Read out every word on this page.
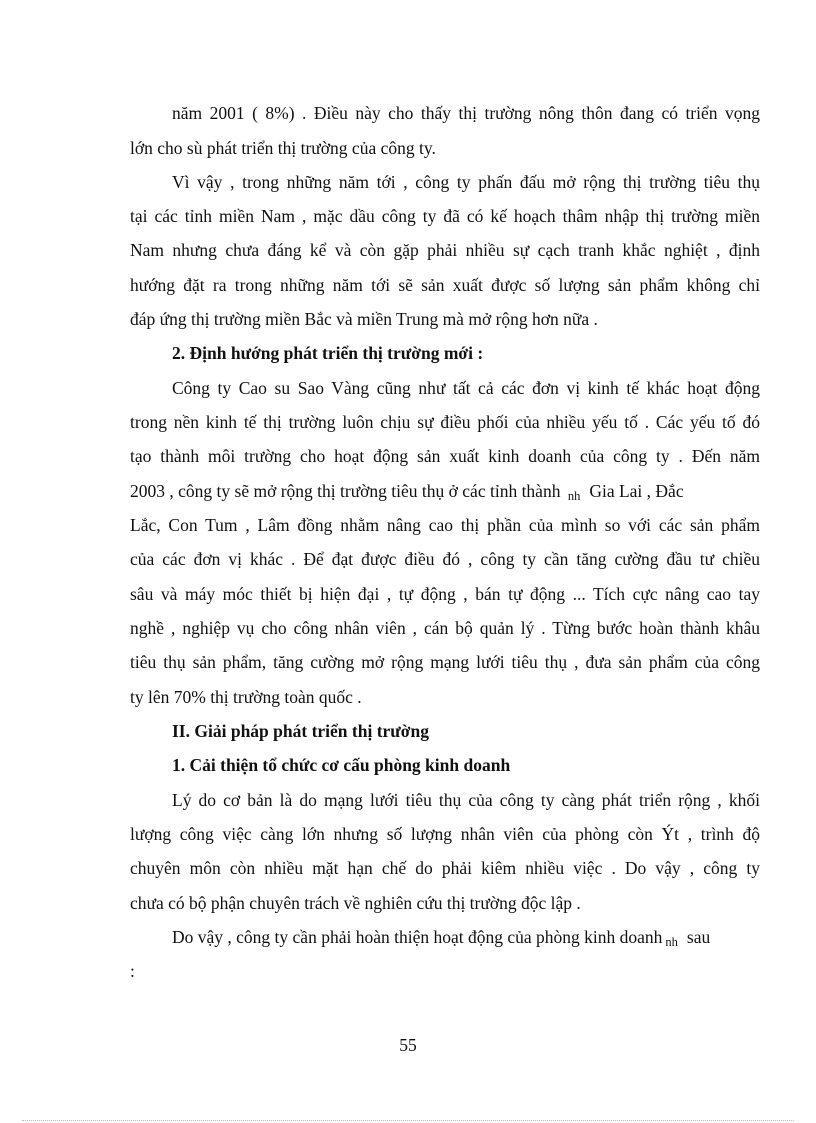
năm 2001 ( 8%) . Điều này cho thấy thị trường nông thôn đang có triển vọng
lớn cho sù phát triển thị trường của công ty.
Vì vậy , trong những năm tới , công ty phấn đấu mở rộng thị trường tiêu thụ
tại các tỉnh miền Nam , mặc dầu công ty đã có kế hoạch thâm nhập thị trường miền
Nam nhưng chưa đáng kể và còn gặp phải nhiều sự cạch tranh khắc nghiệt , định
hướng đặt ra trong những năm tới sẽ sản xuất được số lượng sản phẩm không chỉ
đáp ứng thị trường miền Bắc và miền Trung mà mở rộng hơn nữa .
2. Định hướng phát triển thị trường mới :
Công ty Cao su Sao Vàng cũng như tất cả các đơn vị kinh tế khác hoạt động
trong nền kinh tế thị trường luôn chịu sự điều phối của nhiều yếu tố . Các yếu tố đó
tạo thành môi trường cho hoạt động sản xuất kinh doanh của công ty . Đến năm
2003 , công ty sẽ mở rộng thị trường tiêu thụ ở các tỉnh thành $_{nh}$ Gia Lai , Đắc
Lắc, Con Tum , Lâm đồng nhằm nâng cao thị phần của mình so với các sản phẩm
của các đơn vị khác . Để đạt được điều đó , công ty cần tăng cường đầu tư chiều
sâu và máy móc thiết bị hiện đại , tự động , bán tự động ... Tích cực nâng cao tay
nghề , nghiệp vụ cho công nhân viên , cán bộ quản lý . Từng bước hoàn thành khâu
tiêu thụ sản phẩm, tăng cường mở rộng mạng lưới tiêu thụ , đưa sản phẩm của công
ty lên 70% thị trường toàn quốc .
II. Giải pháp phát triển thị trường
1. Cải thiện tổ chức cơ cấu phòng kinh doanh
Lý do cơ bản là do mạng lưới tiêu thụ của công ty càng phát triển rộng , khối
lượng công việc càng lớn nhưng số lượng nhân viên của phòng còn Ýt , trình độ
chuyên môn còn nhiều mặt hạn chế do phải kiêm nhiều việc . Do vậy , công ty
chưa có bộ phận chuyên trách về nghiên cứu thị trường độc lập .
Do vậy , công ty cần phải hoàn thiện hoạt động của phòng kinh doanh $_{nh}$ sau
:
55
